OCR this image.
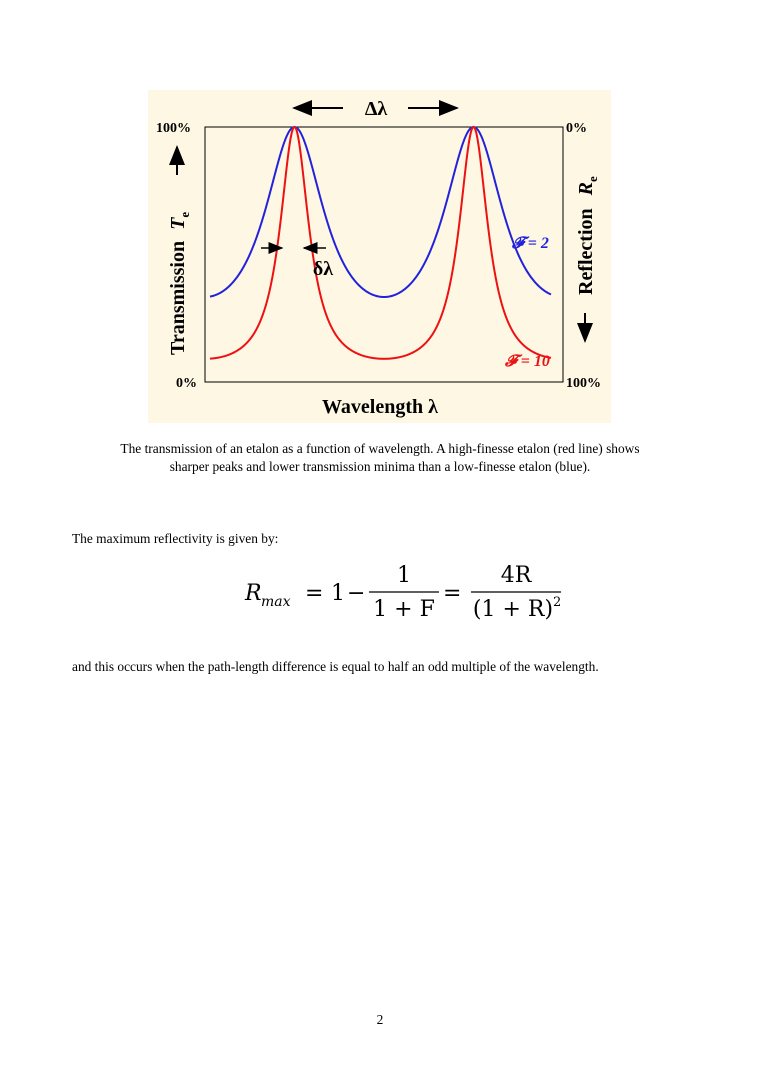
Δλ
δλ
100%
0%
0%
100%
Transmission $T_e$	Reflection $R_e$
Wavelength λ
𝓕 = 2
𝓕 = 10
The transmission of an etalon as a function of wavelength. A high-finesse etalon (red line) shows
sharper peaks and lower transmission minima than a low-finesse etalon (blue).
The maximum reflectivity is given by:
R max = 1 −
1
1 + F
=
4R
(1 + R) 2
and this occurs when the path-length difference is equal to half an odd multiple of the wavelength.
2
